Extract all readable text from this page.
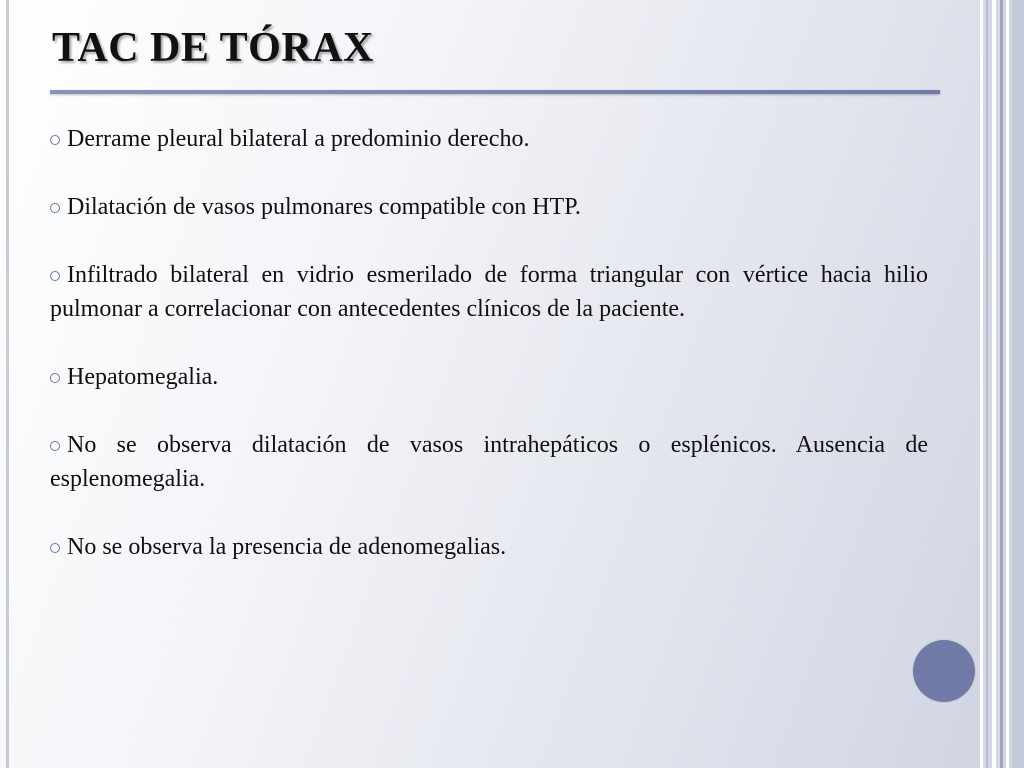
TAC DE TÓRAX

Derrame pleural bilateral a predominio derecho.

Dilatación de vasos pulmonares compatible con HTP.

Infiltrado bilateral en vidrio esmerilado de forma triangular con vértice hacia hilio pulmonar a correlacionar con antecedentes clínicos de la paciente.

Hepatomegalia.

No se observa dilatación de vasos intrahepáticos o esplénicos. Ausencia de esplenomegalia.

No se observa la presencia de adenomegalias.
